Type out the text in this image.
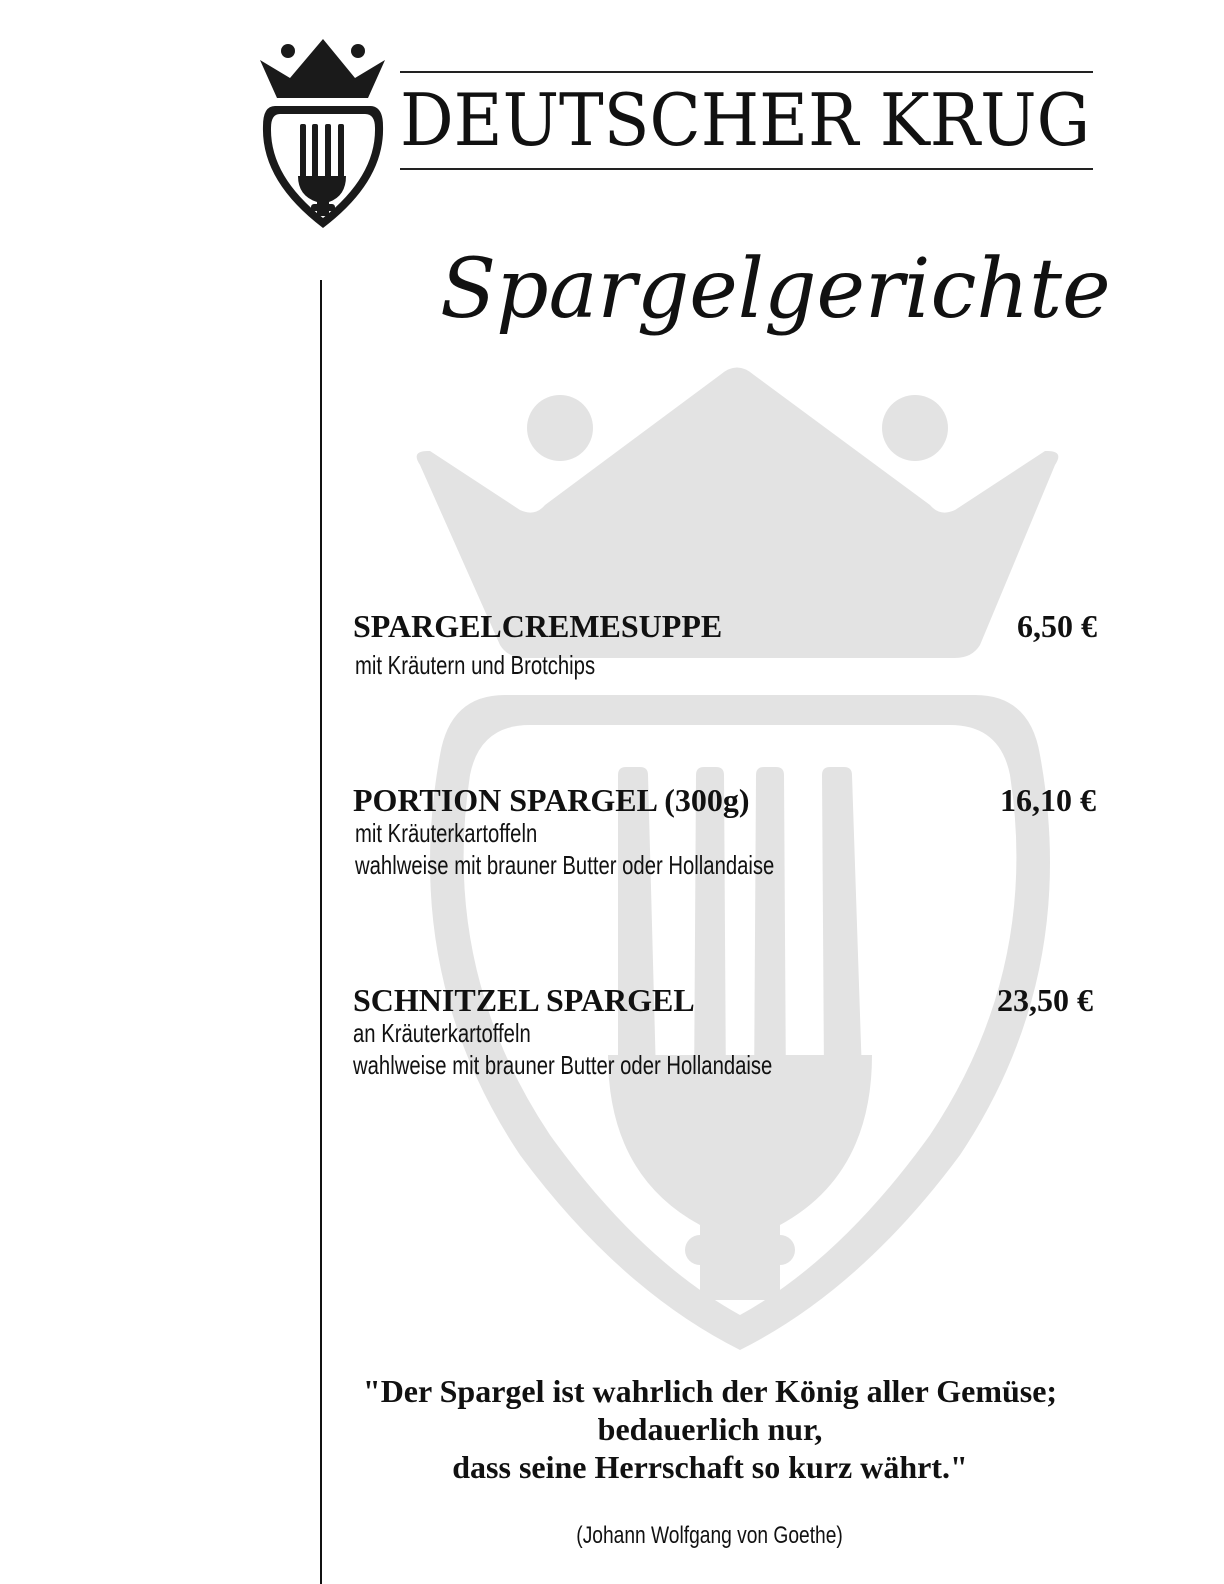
DEUTSCHER KRUG
Spargelgerichte
SPARGELCREMESUPPE	6,50 €
mit Kräutern und Brotchips
PORTION SPARGEL (300g)	16,10 €
mit Kräuterkartoffeln
wahlweise mit brauner Butter oder Hollandaise
SCHNITZEL SPARGEL	23,50 €
an Kräuterkartoffeln
wahlweise mit brauner Butter oder Hollandaise
"Der Spargel ist wahrlich der König aller Gemüse;
bedauerlich nur,
dass seine Herrschaft so kurz währt."
(Johann Wolfgang von Goethe)
